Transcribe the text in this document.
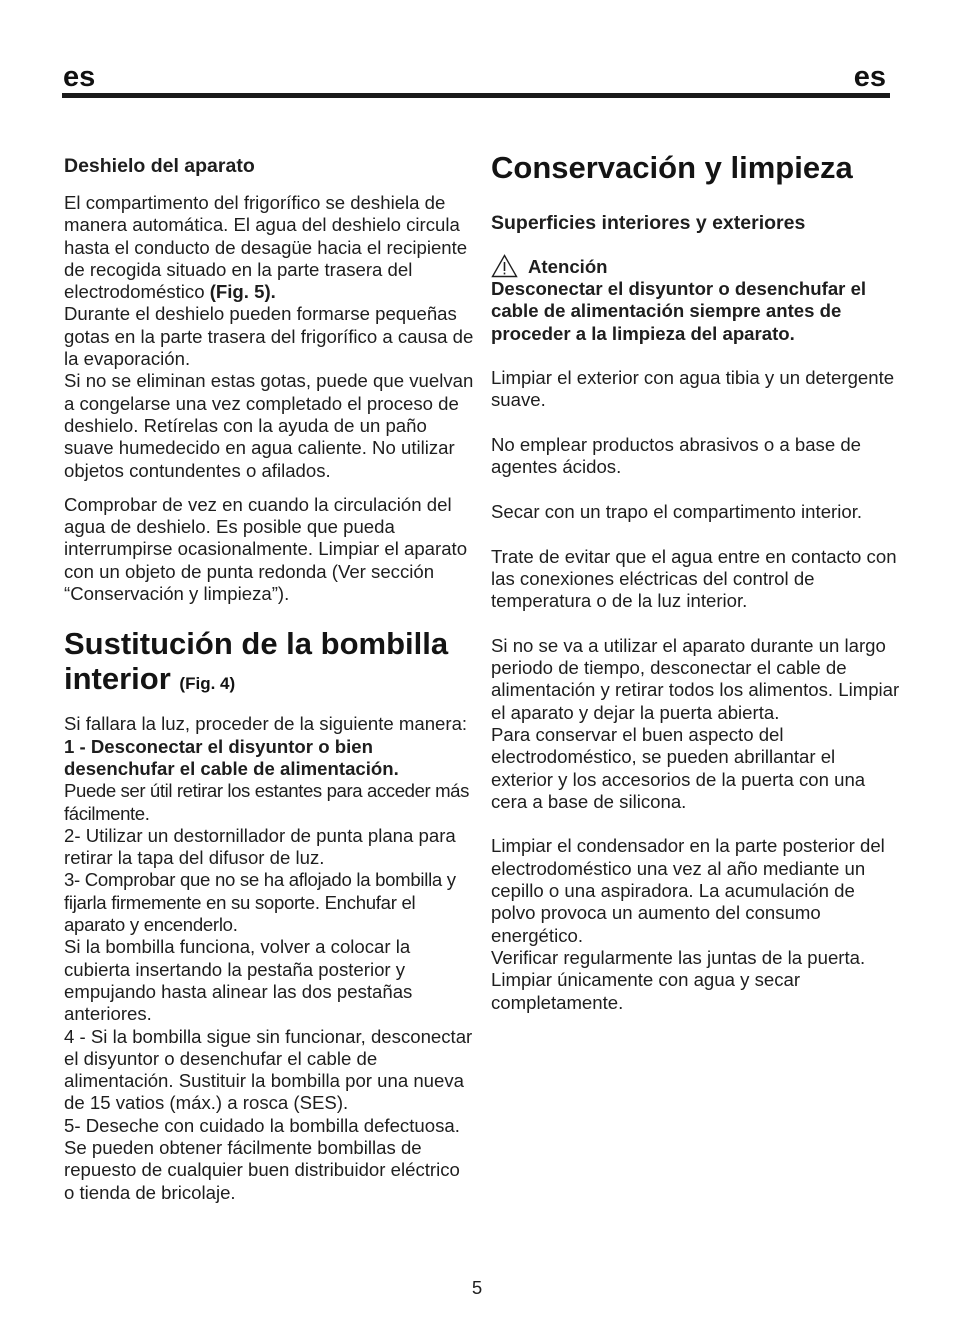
es	es
Deshielo del aparato

El compartimento del frigorífico se deshiela de manera automática. El agua del deshielo circula hasta el conducto de desagüe hacia el recipiente de recogida situado en la parte trasera del electrodoméstico (Fig. 5).

Durante el deshielo pueden formarse pequeñas gotas en la parte trasera del frigorífico a causa de la evaporación.

Si no se eliminan estas gotas, puede que vuelvan a congelarse una vez completado el proceso de deshielo. Retírelas con la ayuda de un paño suave humedecido en agua caliente. No utilizar objetos contundentes o afilados.

Comprobar de vez en cuando la circulación del agua de deshielo. Es posible que pueda interrumpirse ocasionalmente. Limpiar el aparato con un objeto de punta redonda (Ver sección “Conservación y limpieza”).

Sustitución de la bombilla interior (Fig. 4)

Si fallara la luz, proceder de la siguiente manera:

1 - Desconectar el disyuntor o bien desenchufar el cable de alimentación.

Puede ser útil retirar los estantes para acceder más fácilmente.

2- Utilizar un destornillador de punta plana para retirar la tapa del difusor de luz.

3- Comprobar que no se ha aflojado la bombilla y fijarla firmemente en su soporte. Enchufar el aparato y encenderlo.

Si la bombilla funciona, volver a colocar la cubierta insertando la pestaña posterior y empujando hasta alinear las dos pestañas anteriores.

4 - Si la bombilla sigue sin funcionar, desconectar el disyuntor o desenchufar el cable de alimentación. Sustituir la bombilla por una nueva de 15 vatios (máx.) a rosca (SES).

5- Deseche con cuidado la bombilla defectuosa.

Se pueden obtener fácilmente bombillas de repuesto de cualquier buen distribuidor eléctrico o tienda de bricolaje.

Conservación y limpieza
Superficies interiores y exteriores
Atención

Desconectar el disyuntor o desenchufar el cable de alimentación siempre antes de proceder a la limpieza del aparato.

Limpiar el exterior con agua tibia y un detergente suave.

No emplear productos abrasivos o a base de agentes ácidos.

Secar con un trapo el compartimento interior.

Trate de evitar que el agua entre en contacto con las conexiones eléctricas del control de temperatura o de la luz interior.

Si no se va a utilizar el aparato durante un largo periodo de tiempo, desconectar el cable de alimentación y retirar todos los alimentos. Limpiar el aparato y dejar la puerta abierta.

Para conservar el buen aspecto del electrodoméstico, se pueden abrillantar el exterior y los accesorios de la puerta con una cera a base de silicona.

Limpiar el condensador en la parte posterior del electrodoméstico una vez al año mediante un cepillo o una aspiradora. La acumulación de polvo provoca un aumento del consumo energético.

Verificar regularmente las juntas de la puerta.

Limpiar únicamente con agua y secar completamente.

5
